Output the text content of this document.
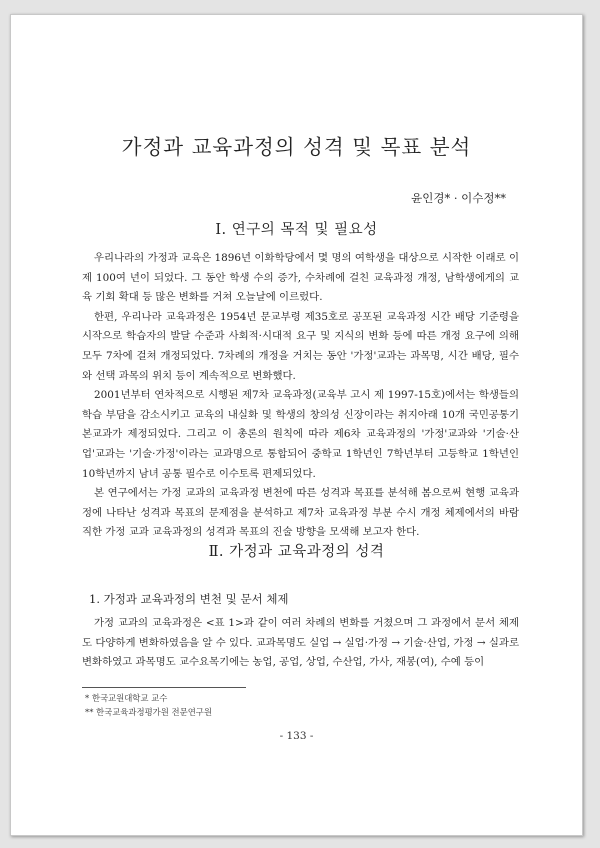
가정과 교육과정의 성격 및 목표 분석
윤인경* · 이수정**
Ⅰ. 연구의 목적 및 필요성

우리나라의 가정과 교육은 1896년 이화학당에서 몇 명의 여학생을 대상으로 시작한 이래로 이제 100여 년이 되었다. 그 동안 학생 수의 증가, 수차례에 걸친 교육과정 개정, 남학생에게의 교육 기회 확대 등 많은 변화를 거쳐 오늘날에 이르렀다.

한편, 우리나라 교육과정은 1954년 문교부령 제35호로 공포된 교육과정 시간 배당 기준령을 시작으로 학습자의 발달 수준과 사회적·시대적 요구 및 지식의 변화 등에 따른 개정 요구에 의해 모두 7차에 걸쳐 개정되었다. 7차례의 개정을 거치는 동안 '가정'교과는 과목명, 시간 배당, 필수와 선택 과목의 위치 등이 계속적으로 변화했다.

2001년부터 연차적으로 시행된 제7차 교육과정(교육부 고시 제 1997-15호)에서는 학생들의 학습 부담을 감소시키고 교육의 내실화 및 학생의 창의성 신장이라는 취지아래 10개 국민공통기본교과가 제정되었다. 그리고 이 총론의 원칙에 따라 제6차 교육과정의 '가정'교과와 '기술·산업'교과는 '기술·가정'이라는 교과명으로 통합되어 중학교 1학년인 7학년부터 고등학교 1학년인 10학년까지 남녀 공통 필수로 이수토록 편제되었다.

본 연구에서는 가정 교과의 교육과정 변천에 따른 성격과 목표를 분석해 봄으로써 현행 교육과정에 나타난 성격과 목표의 문제점을 분석하고 제7차 교육과정 부분 수시 개정 체제에서의 바람직한 가정 교과 교육과정의 성격과 목표의 진술 방향을 모색해 보고자 한다.

Ⅱ. 가정과 교육과정의 성격
1. 가정과 교육과정의 변천 및 문서 체제

가정 교과의 교육과정은 <표 1>과 같이 여러 차례의 변화를 거쳤으며 그 과정에서 문서 체제도 다양하게 변화하였음을 알 수 있다. 교과목명도 실업 → 실업·가정 → 기술·산업, 가정 → 실과로 변화하였고 과목명도 교수요목기에는 농업, 공업, 상업, 수산업, 가사, 재봉(여), 수예 등이

* 한국교원대학교 교수
** 한국교육과정평가원 전문연구원
- 133 -
